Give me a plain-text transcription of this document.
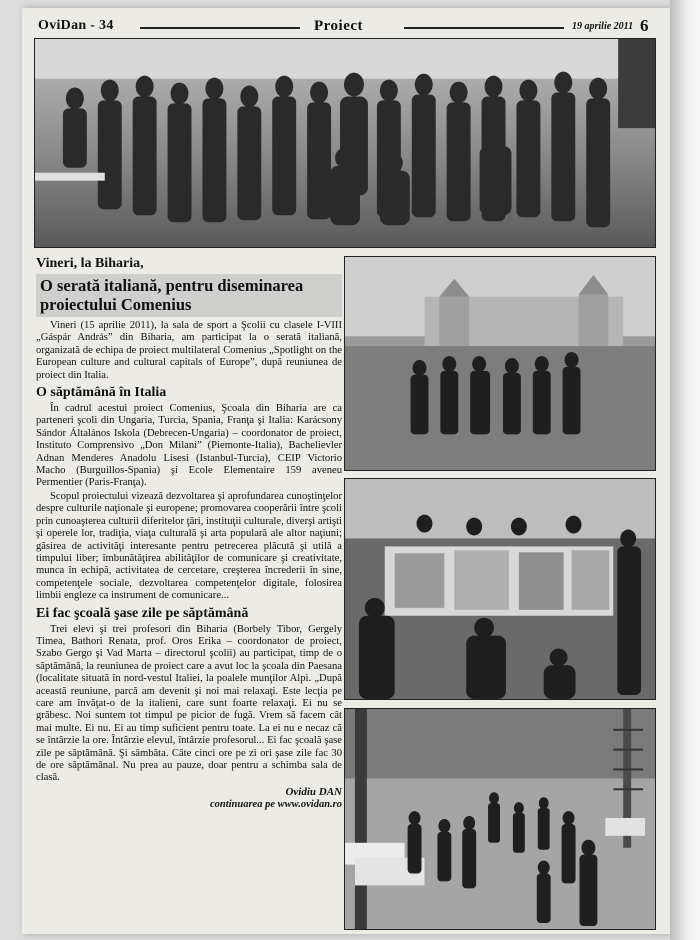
OviDan - 34	Proiect	19 aprilie 2011 6
Vineri, la Biharia,
O serată italiană, pentru diseminarea proiectului Comenius

Vineri (15 aprilie 2011), la sala de sport a Şcolii cu clasele I-VIII „Gáspár András” din Biharia, am participat la o serată italiană, organizată de echipa de proiect multilateral Comenius „Spotlight on the European culture and cultural capitals of Europe”, după reuniunea de proiect din Italia.

O săptămână în Italia

În cadrul acestui proiect Comenius, Şcoala din Biharia are ca parteneri şcoli din Ungaria, Turcia, Spania, Franţa şi Italia: Karácsony Sándor Általános Iskola (Debrecen-Ungaria) – coordonator de proiect, Instituto Comprensivo „Don Milani” (Piemonte-Italia), Bachelievler Adnan Menderes Anadolu Lisesi (Istanbul-Turcia), CEIP Victorio Macho (Burguillos-Spania) şi Ecole Elementaire 159 aveneu Permentier (Paris-Franţa).

Scopul proiectului vizează dezvoltarea şi aprofundarea cunoştinţelor despre culturile naţionale şi europene; promovarea cooperării între şcoli prin cunoaşterea culturii diferitelor ţări, instituţii culturale, diverşi artişti şi operele lor, tradiţia, viaţa culturală şi arta populară ale altor naţiuni; găsirea de activităţi interesante pentru petrecerea plăcută şi utilă a timpului liber; îmbunătăţirea abilităţilor de comunicare şi creativitate, munca în echipă, activitatea de cercetare, creşterea încrederii în sine, competenţele sociale, dezvoltarea competenţelor digitale, folosirea limbii engleze ca instrument de comunicare...

Ei fac şcoală şase zile pe săptămână

Trei elevi şi trei profesori din Biharia (Borbely Tibor, Gergely Timea, Bathori Renata, prof. Oros Erika – coordonator de proiect, Szabo Gergo şi Vad Marta – directorul şcolii) au participat, timp de o săptămână, la reuniunea de proiect care a avut loc la şcoala din Paesana (localitate situată în nord-vestul Italiei, la poalele munţilor Alpi. „După această reuniune, parcă am devenit şi noi mai relaxaţi. Este lecţia pe care am învăţat-o de la italieni, care sunt foarte relaxaţi. Ei nu se grăbesc. Noi suntem tot timpul pe picior de fugă. Vrem să facem cât mai multe. Ei nu. Ei au timp suficient pentru toate. La ei nu e necaz că se întârzie la ore. Întârzie elevul, întârzie profesorul... Ei fac şcoală şase zile pe săptămână. Şi sâmbăta. Câte cinci ore pe zi ori şase zile fac 30 de ore săptămânal. Nu prea au pauze, doar pentru a schimba sala de clasă.

Ovidiu DAN
continuarea pe www.ovidan.ro
